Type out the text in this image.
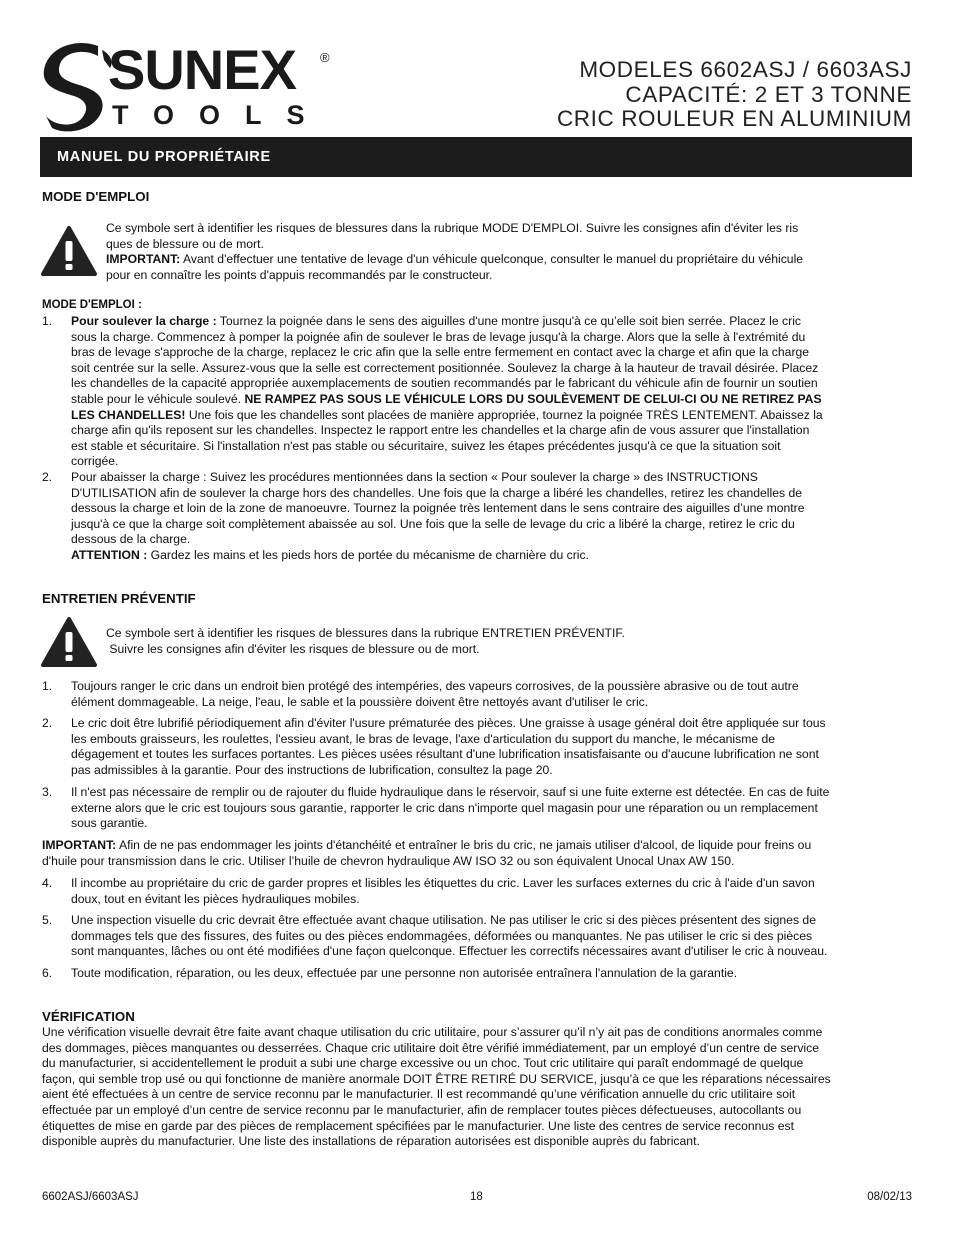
SUNEX ®
TOOLS
MODELES 6602ASJ / 6603ASJ
CAPACITÉ: 2 ET 3 TONNE
CRIC ROULEUR EN ALUMINIUM
MANUEL DU PROPRIÉTAIRE
MODE D'EMPLOI
Ce symbole sert à identifier les risques de blessures dans la rubrique MODE D'EMPLOI. Suivre les consignes afin d'éviter les ris
ques de blessure ou de mort.
IMPORTANT: Avant d'effectuer une tentative de levage d'un véhicule quelconque, consulter le manuel du propriétaire du véhicule
pour en connaître les points d'appuis recommandés par le constructeur.
MODE D'EMPLOI :
1. Pour soulever la charge : Tournez la poignée dans le sens des aiguilles d'une montre jusqu'à ce qu’elle soit bien serrée. Placez le cric
sous la charge. Commencez à pomper la poignée afin de soulever le bras de levage jusqu'à la charge. Alors que la selle à l'extrémité du
bras de levage s'approche de la charge, replacez le cric afin que la selle entre fermement en contact avec la charge et afin que la charge
soit centrée sur la selle. Assurez-vous que la selle est correctement positionnée. Soulevez la charge à la hauteur de travail désirée. Placez
les chandelles de la capacité appropriée auxemplacements de soutien recommandés par le fabricant du véhicule afin de fournir un soutien
stable pour le véhicule soulevé. NE RAMPEZ PAS SOUS LE VÉHICULE LORS DU SOULÈVEMENT DE CELUI-CI OU NE RETIREZ PAS
LES CHANDELLES! Une fois que les chandelles sont placées de manière appropriée, tournez la poignée TRÈS LENTEMENT. Abaissez la
charge afin qu'ils reposent sur les chandelles. Inspectez le rapport entre les chandelles et la charge afin de vous assurer que l'installation
est stable et sécuritaire. Si l'installation n'est pas stable ou sécuritaire, suivez les étapes précédentes jusqu'à ce que la situation soit
corrigée.
2. Pour abaisser la charge : Suivez les procédures mentionnées dans la section « Pour soulever la charge » des INSTRUCTIONS
D'UTILISATION afin de soulever la charge hors des chandelles. Une fois que la charge a libéré les chandelles, retirez les chandelles de
dessous la charge et loin de la zone de manoeuvre. Tournez la poignée très lentement dans le sens contraire des aiguilles d’une montre
jusqu'à ce que la charge soit complètement abaissée au sol. Une fois que la selle de levage du cric a libéré la charge, retirez le cric du
dessous de la charge.
ATTENTION : Gardez les mains et les pieds hors de portée du mécanisme de charnière du cric.
ENTRETIEN PRÉVENTIF
Ce symbole sert à identifier les risques de blessures dans la rubrique ENTRETIEN PRÉVENTIF.
Suivre les consignes afin d'éviter les risques de blessure ou de mort.
1. Toujours ranger le cric dans un endroit bien protégé des intempéries, des vapeurs corrosives, de la poussière abrasive ou de tout autre
élément dommageable. La neige, l'eau, le sable et la poussière doivent être nettoyés avant d'utiliser le cric.
2. Le cric doit être lubrifié périodiquement afin d'éviter l'usure prématurée des pièces. Une graisse à usage général doit être appliquée sur tous
les embouts graisseurs, les roulettes, l'essieu avant, le bras de levage, l'axe d'articulation du support du manche, le mécanisme de
dégagement et toutes les surfaces portantes. Les pièces usées résultant d'une lubrification insatisfaisante ou d'aucune lubrification ne sont
pas admissibles à la garantie. Pour des instructions de lubrification, consultez la page 20.
3. Il n'est pas nécessaire de remplir ou de rajouter du fluide hydraulique dans le réservoir, sauf si une fuite externe est détectée. En cas de fuite
externe alors que le cric est toujours sous garantie, rapporter le cric dans n'importe quel magasin pour une réparation ou un remplacement
sous garantie.
IMPORTANT: Afin de ne pas endommager les joints d'étanchéité et entraîner le bris du cric, ne jamais utiliser d'alcool, de liquide pour freins ou
d'huile pour transmission dans le cric. Utiliser l’huile de chevron hydraulique AW ISO 32 ou son équivalent Unocal Unax AW 150.
4. Il incombe au propriétaire du cric de garder propres et lisibles les étiquettes du cric. Laver les surfaces externes du cric à l'aide d'un savon
doux, tout en évitant les pièces hydrauliques mobiles.
5. Une inspection visuelle du cric devrait être effectuée avant chaque utilisation. Ne pas utiliser le cric si des pièces présentent des signes de
dommages tels que des fissures, des fuites ou des pièces endommagées, déformées ou manquantes. Ne pas utiliser le cric si des pièces
sont manquantes, lâches ou ont été modifiées d'une façon quelconque. Effectuer les correctifs nécessaires avant d'utiliser le cric à nouveau.
6. Toute modification, réparation, ou les deux, effectuée par une personne non autorisée entraînera l'annulation de la garantie.
VÉRIFICATION
Une vérification visuelle devrait être faite avant chaque utilisation du cric utilitaire, pour s’assurer qu’il n’y ait pas de conditions anormales comme
des dommages, pièces manquantes ou desserrées. Chaque cric utilitaire doit être vérifié immédiatement, par un employé d’un centre de service
du manufacturier, si accidentellement le produit a subi une charge excessive ou un choc. Tout cric utilitaire qui paraît endommagé de quelque
façon, qui semble trop usé ou qui fonctionne de manière anormale DOIT ÊTRE RETIRÉ DU SERVICE, jusqu’à ce que les réparations nécessaires
aient été effectuées à un centre de service reconnu par le manufacturier. Il est recommandé qu’une vérification annuelle du cric utilitaire soit
effectuée par un employé d’un centre de service reconnu par le manufacturier, afin de remplacer toutes pièces défectueuses, autocollants ou
étiquettes de mise en garde par des pièces de remplacement spécifiées par le manufacturier. Une liste des centres de service reconnus est
disponible auprès du manufacturier. Une liste des installations de réparation autorisées est disponible auprès du fabricant.
6602ASJ/6603ASJ	18	08/02/13
